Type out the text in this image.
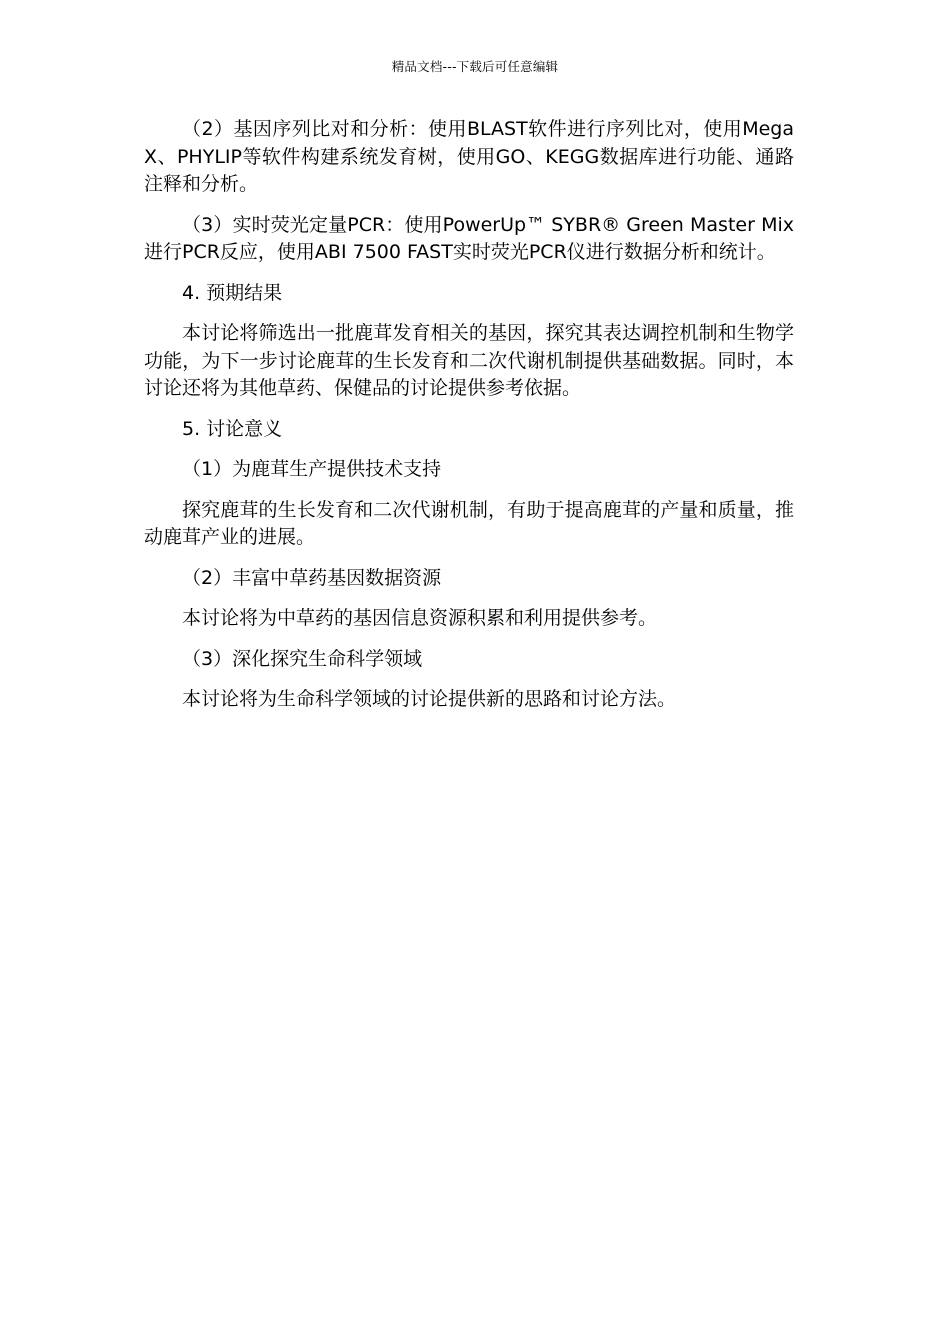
精品文档---下载后可任意编辑

（2）基因序列比对和分析：使用BLAST软件进行序列比对，使用Mega X、PHYLIP等软件构建系统发育树，使用GO、KEGG数据库进行功能、通路注释和分析。

（3）实时荧光定量PCR：使用PowerUp™ SYBR® Green Master Mix进行PCR反应，使用ABI 7500 FAST实时荧光PCR仪进行数据分析和统计。

4. 预期结果

本讨论将筛选出一批鹿茸发育相关的基因，探究其表达调控机制和生物学功能，为下一步讨论鹿茸的生长发育和二次代谢机制提供基础数据。同时，本讨论还将为其他草药、保健品的讨论提供参考依据。

5. 讨论意义

（1）为鹿茸生产提供技术支持

探究鹿茸的生长发育和二次代谢机制，有助于提高鹿茸的产量和质量，推动鹿茸产业的进展。

（2）丰富中草药基因数据资源

本讨论将为中草药的基因信息资源积累和利用提供参考。

（3）深化探究生命科学领域

本讨论将为生命科学领域的讨论提供新的思路和讨论方法。
